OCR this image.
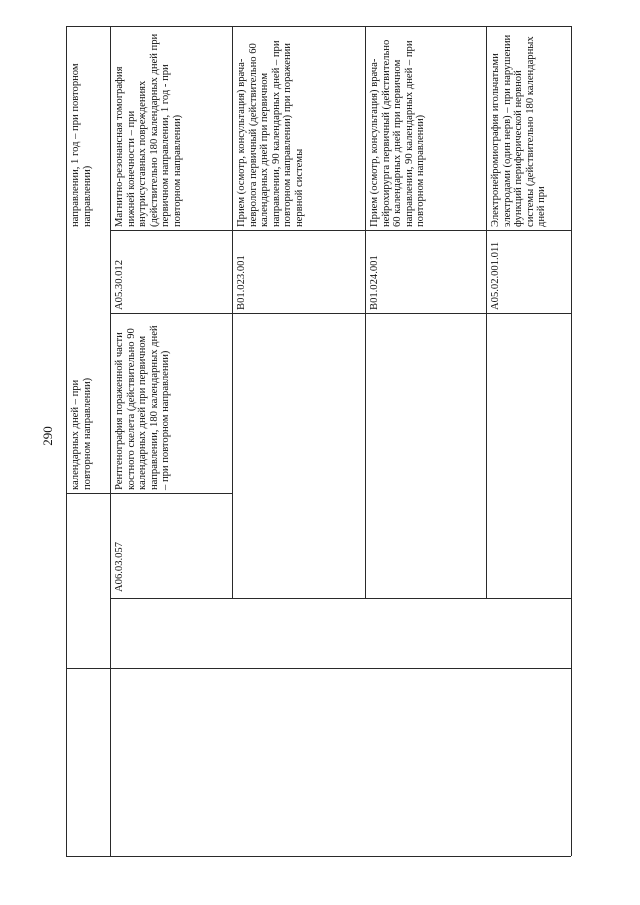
290 календарных дней – при повторном направлении)
A06.03.057
Рентгенография пораженной части костного скелета (действительно 90 календарных дней при первичном направлении, 180 календарных дней – при повторном направлении)
направлении, 1 год – при повторном направлении)
A05.30.012
Магнитно-резонансная томография нижней конечности – при внутрисуставных повреждениях (действительно 180 календарных дней при первичном направлении, 1 год - при повторном направлении)
B01.023.001
Прием (осмотр, консультация) врача-невролога первичный (действительно 60 календарных дней при первичном направлении, 90 календарных дней – при повторном направлении) при поражении нервной системы
B01.024.001
Прием (осмотр, консультация) врача-нейрохирурга первичный (действительно 60 календарных дней при первичном направлении, 90 календарных дней – при повторном направлении)
A05.02.001.011
Электронейромиография игольчатыми электродами (один нерв) – при нарушении функций периферической нервной системы (действительно 180 календарных дней при
